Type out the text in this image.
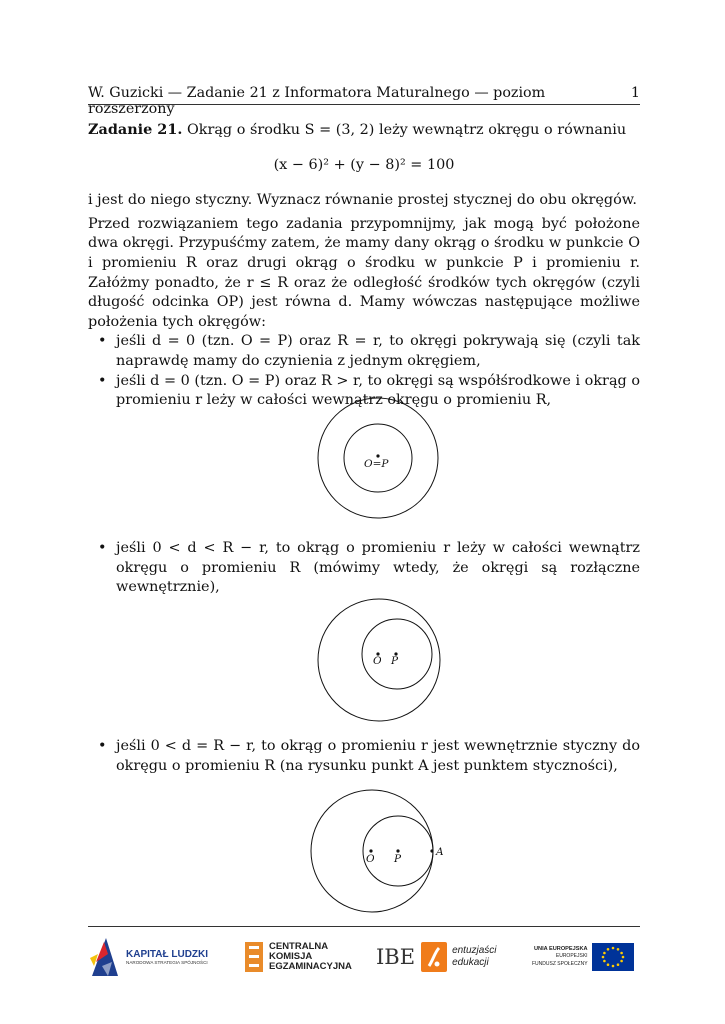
W. Guzicki — Zadanie 21 z Informatora Maturalnego — poziom rozszerzony
1

Zadanie 21. Okrąg o środku S = (3, 2) leży wewnątrz okręgu o równaniu

(x − 6)² + (y − 8)² = 100

i jest do niego styczny. Wyznacz równanie prostej stycznej do obu okręgów.

Przed rozwiązaniem tego zadania przypomnijmy, jak mogą być położone dwa okręgi. Przypuśćmy zatem, że mamy dany okrąg o środku w punkcie O i promieniu R oraz drugi okrąg o środku w punkcie P i promieniu r. Załóżmy ponadto, że r ≤ R oraz że odległość środków tych okręgów (czyli długość odcinka OP) jest równa d. Mamy wówczas następujące możliwe położenia tych okręgów:

• jeśli d = 0 (tzn. O = P) oraz R = r, to okręgi pokrywają się (czyli tak naprawdę mamy do czynienia z jednym okręgiem,

• jeśli d = 0 (tzn. O = P) oraz R > r, to okręgi są współśrodkowe i okrąg o promieniu r leży w całości wewnątrz okręgu o promieniu R,

O=P

• jeśli 0 < d < R − r, to okrąg o promieniu r leży w całości wewnątrz okręgu o promieniu R (mówimy wtedy, że okręgi są rozłączne wewnętrznie),

O P

• jeśli 0 < d = R − r, to okrąg o promieniu r jest wewnętrznie styczny do okręgu o promieniu R (na rysunku punkt A jest punktem styczności),

O P
A
KAPITAŁ LUDZKI
NARODOWA STRATEGIA SPÓJNOŚCI
CENTRALNA
KOMISJA
EGZAMINACYJNA IBE	entuzjaści
edukacji
UNIA EUROPEJSKA
EUROPEJSKI
FUNDUSZ SPOŁECZNY
